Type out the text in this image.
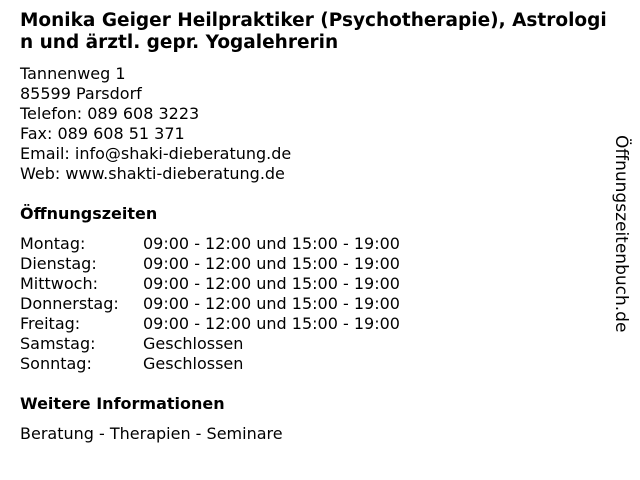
Monika Geiger Heilpraktiker (Psychotherapie), Astrologin und ärztl. gepr. Yogalehrerin
Tannenweg 1
85599 Parsdorf
Telefon: 089 608 3223
Fax: 089 608 51 371
Email: info@shaki-dieberatung.de
Web: www.shakti-dieberatung.de
Öffnungszeiten
Montag:	09:00 - 12:00 und 15:00 - 19:00
Dienstag:	09:00 - 12:00 und 15:00 - 19:00
Mittwoch:	09:00 - 12:00 und 15:00 - 19:00
Donnerstag:	09:00 - 12:00 und 15:00 - 19:00
Freitag:	09:00 - 12:00 und 15:00 - 19:00
Samstag:	Geschlossen
Sonntag:	Geschlossen
Weitere Informationen
Beratung - Therapien - Seminare
Öffnungszeitenbuch.de
